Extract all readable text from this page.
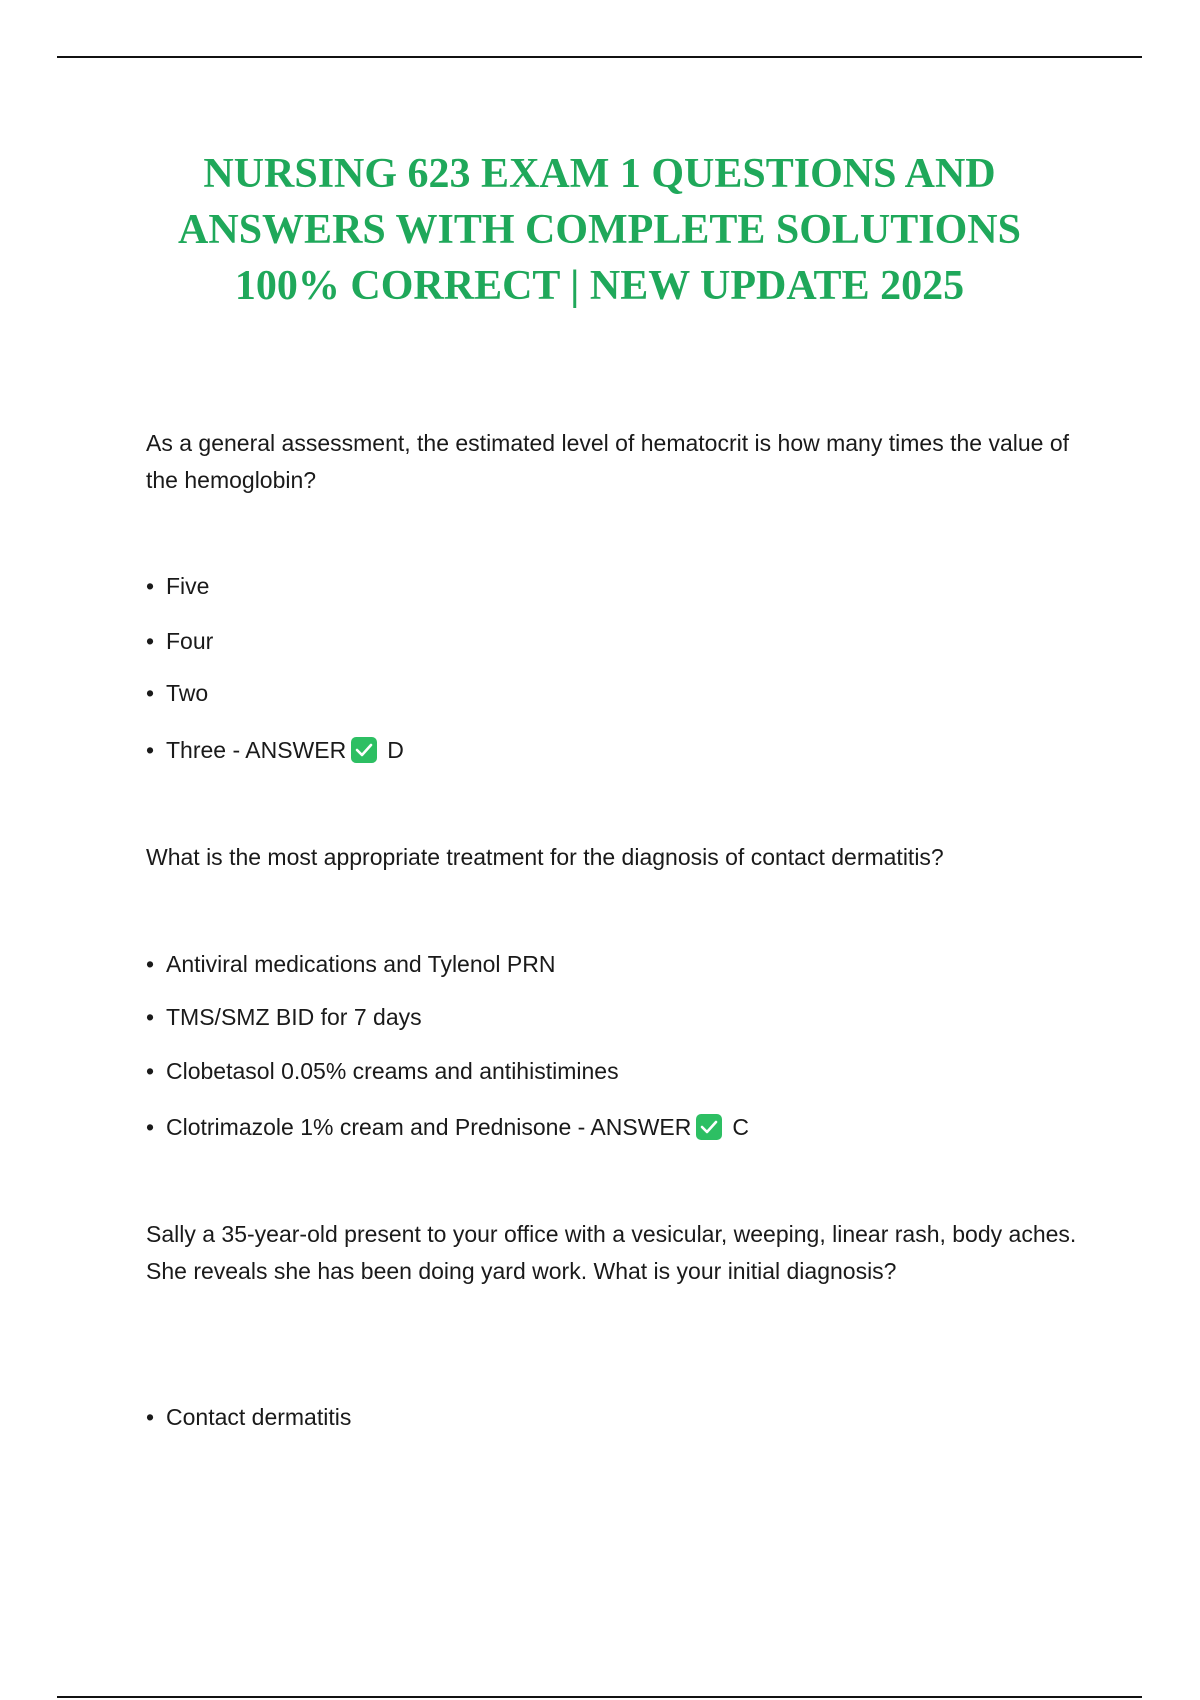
NURSING 623 EXAM 1 QUESTIONS AND
ANSWERS WITH COMPLETE SOLUTIONS
100% CORRECT | NEW UPDATE 2025

As a general assessment, the estimated level of hematocrit is how many times the value of the hemoglobin?

• Five

• Four

• Two

• Three - ANSWER D

What is the most appropriate treatment for the diagnosis of contact dermatitis?

• Antiviral medications and Tylenol PRN

• TMS/SMZ BID for 7 days

• Clobetasol 0.05% creams and antihistimines

• Clotrimazole 1% cream and Prednisone - ANSWER C

Sally a 35-year-old present to your office with a vesicular, weeping, linear rash, body aches. She reveals she has been doing yard work. What is your initial diagnosis?

• Contact dermatitis
